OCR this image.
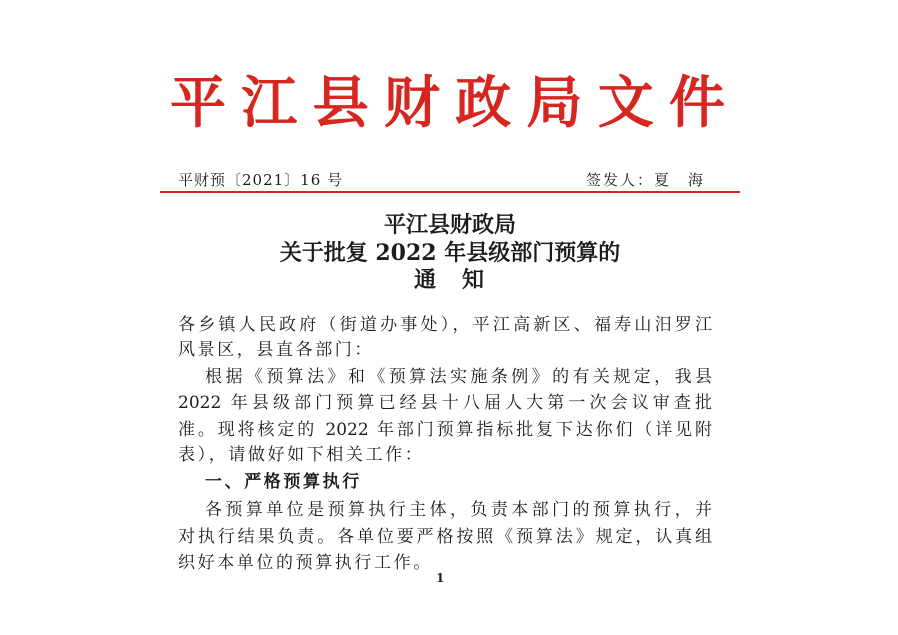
平江县财政局文件
平财预〔2021〕16 号	签发人：夏　海
平江县财政局
关于批复 2022 年县级部门预算的
通　知
各乡镇人民政府（街道办事处），平江高新区、福寿山汨罗江
风景区，县直各部门：
根据《预算法》和《预算法实施条例》的有关规定，我县
2022 年县级部门预算已经县十八届人大第一次会议审查批
准。现将核定的 2022 年部门预算指标批复下达你们（详见附
表），请做好如下相关工作：
一、严格预算执行
各预算单位是预算执行主体，负责本部门的预算执行，并
对执行结果负责。各单位要严格按照《预算法》规定，认真组
织好本单位的预算执行工作。
1
